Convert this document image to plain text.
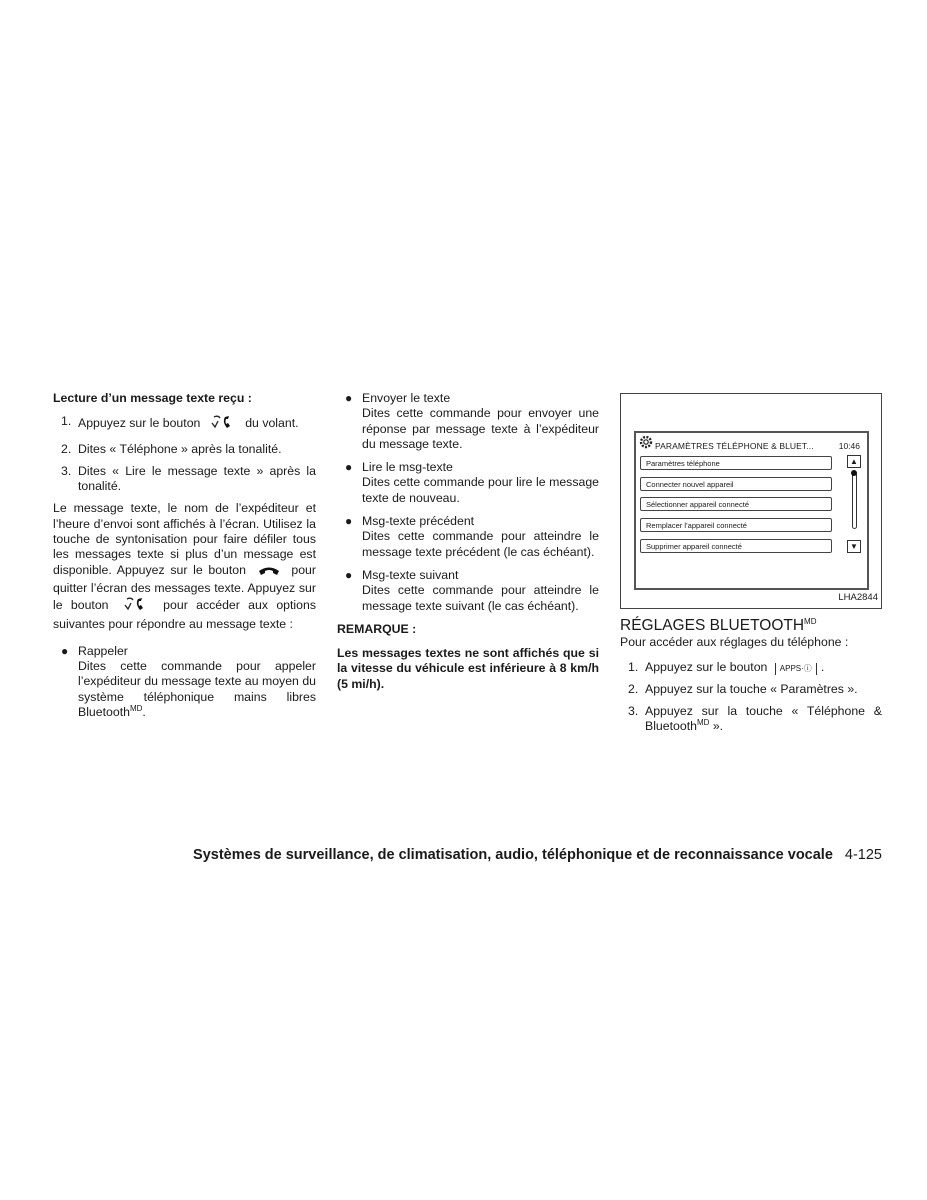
Lecture d’un message texte reçu :
1. Appuyez sur le bouton	du volant.
2. Dites « Téléphone » après la tonalité.
3. Dites « Lire le message texte » après la tonalité.

Le message texte, le nom de l’expéditeur et l’heure d’envoi sont affichés à l’écran. Utilisez la touche de syntonisation pour faire défiler tous les messages texte si plus d’un message est disponible. Appuyez sur le bouton	pour quitter l’écran des messages texte. Appuyez sur le bouton	pour accéder aux options suivantes pour répondre au message texte :

● Rappeler
Dites cette commande pour appeler l’expéditeur du message texte au moyen du système téléphonique mains libres Bluetooth$^{MD}$.
● Envoyer le texte
Dites cette commande pour envoyer une réponse par message texte à l’expéditeur du message texte.
● Lire le msg-texte
Dites cette commande pour lire le message texte de nouveau.
● Msg-texte précédent
Dites cette commande pour atteindre le message texte précédent (le cas échéant).
● Msg-texte suivant
Dites cette commande pour atteindre le message texte suivant (le cas échéant).
REMARQUE :
Les messages textes ne sont affichés que si la vitesse du véhicule est inférieure à 8 km/h (5 mi/h).
PARAMÈTRES TÉLÉPHONE & BLUET...	10:46
Paramètres téléphone
Connecter nouvel appareil
Sélectionner appareil connecté
Remplacer l’appareil connecté
Supprimer appareil connecté
▲
▼
LHA2844
RÉGLAGES $BLUETOOTH^{MD}$
Pour accéder aux réglages du téléphone :
1. Appuyez sur le bouton APPS·ⓘ .
2. Appuyez sur la touche « Paramètres ».
3. Appuyez sur la touche « Téléphone & Bluetooth$^{MD}$ ».
Systèmes de surveillance, de climatisation, audio, téléphonique et de reconnaissance vocale 4-125
